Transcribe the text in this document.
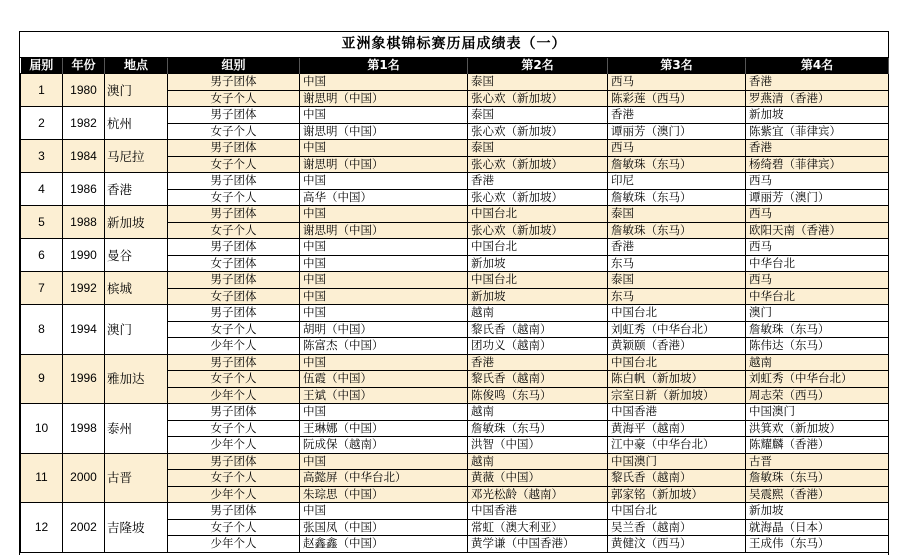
亚洲象棋锦标赛历届成绩表（一）
届别	年份	地点	组别	第1名	第2名	第3名	第4名
1	1980	澳门	男子团体	中国	泰国	西马	香港
			女子个人	谢思明（中国）	张心欢（新加坡）	陈彩莲（西马）	罗燕清（香港）
2	1982	杭州	男子团体	中国	泰国	香港	新加坡
			女子个人	谢思明（中国）	张心欢（新加坡）	谭丽芳（澳门）	陈紫宜（菲律宾）
3	1984	马尼拉	男子团体	中国	泰国	西马	香港
			女子个人	谢思明（中国）	张心欢（新加坡）	詹敏珠（东马）	杨绮碧（菲律宾）
4	1986	香港	男子团体	中国	香港	印尼	西马
			女子个人	高华（中国）	张心欢（新加坡）	詹敏珠（东马）	谭丽芳（澳门）
5	1988	新加坡	男子团体	中国	中国台北	泰国	西马
			女子个人	谢思明（中国）	张心欢（新加坡）	詹敏珠（东马）	欧阳天南（香港）
6	1990	曼谷	男子团体	中国	中国台北	香港	西马
			女子团体	中国	新加坡	东马	中华台北
7	1992	槟城	男子团体	中国	中国台北	泰国	西马
			女子团体	中国	新加坡	东马	中华台北
8	1994	澳门	男子团体	中国	越南	中国台北	澳门
			女子个人	胡明（中国）	黎氏香（越南）	刘虹秀（中华台北）	詹敏珠（东马）
			少年个人	陈富杰（中国）	团功义（越南）	黄颖颐（香港）	陈伟达（东马）
9	1996	雅加达	男子团体	中国	香港	中国台北	越南
			女子个人	伍霞（中国）	黎氏香（越南）	陈白帆（新加坡）	刘虹秀（中华台北）
			少年个人	王斌（中国）	陈俊鸣（东马）	宗室日新（新加坡）	周志荣（西马）
10	1998	泰州	男子团体	中国	越南	中国香港	中国澳门
			女子个人	王琳娜（中国）	詹敏珠（东马）	黄海平（越南）	洪箕欢（新加坡）
			少年个人	阮成保（越南）	洪智（中国）	江中豪（中华台北）	陈耀麟（香港）
11	2000	古晋	男子团体	中国	越南	中国澳门	古晋
			女子个人	高懿屏（中华台北）	黄薇（中国）	黎氏香（越南）	詹敏珠（东马）
			少年个人	朱琮思（中国）	邓光松龄（越南）	郭家铭（新加坡）	吴震熙（香港）
12	2002	吉隆坡	男子团体	中国	中国香港	中国台北	新加坡
			女子个人	张国凤（中国）	常虹（澳大利亚）	吴兰香（越南）	就海晶（日本）
			少年个人	赵鑫鑫（中国）	黄学谦（中国香港）	黄健汶（西马）	王成伟（东马）
